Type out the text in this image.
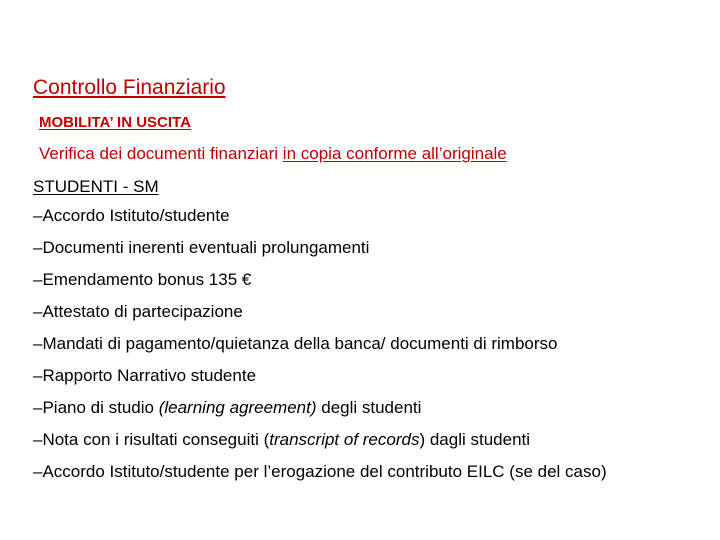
Controllo Finanziario
MOBILITA’ IN USCITA
Verifica dei documenti finanziari in copia conforme all’originale
STUDENTI - SM
–Accordo Istituto/studente
–Documenti inerenti eventuali prolungamenti
–Emendamento bonus 135 €
–Attestato di partecipazione
–Mandati di pagamento/quietanza della banca/ documenti di rimborso
–Rapporto Narrativo studente
–Piano di studio (learning agreement) degli studenti
–Nota con i risultati conseguiti (transcript of records) dagli studenti
–Accordo Istituto/studente per l’erogazione del contributo EILC (se del caso)
